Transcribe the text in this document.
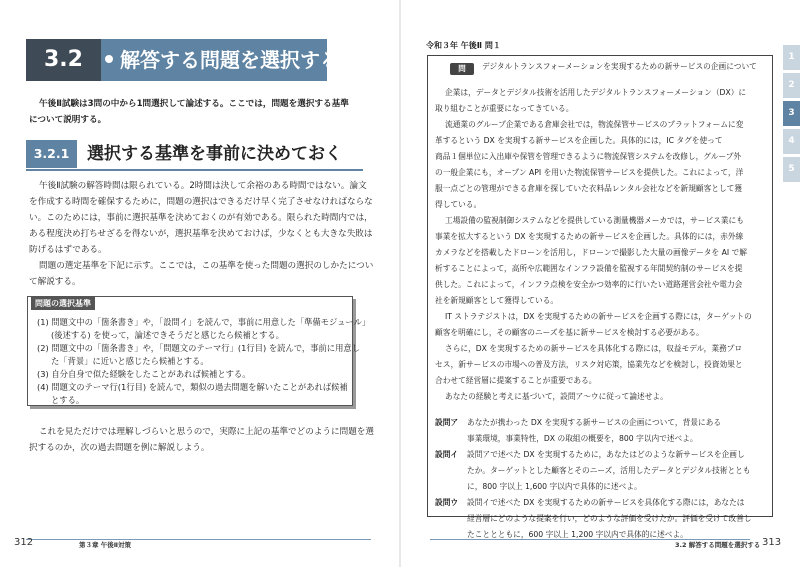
3.2	解答する問題を選択する
午後Ⅱ試験は3問の中から1問選択して論述する。ここでは，問題を選択する基準
について説明する。
3.2.1	選択する基準を事前に決めておく
午後Ⅱ試験の解答時間は限られている。2時間は決して余裕のある時間ではない。論文
を作成する時間を確保するために，問題の選択はできるだけ早く完了させなければならな
い。このためには，事前に選択基準を決めておくのが有効である。限られた時間内では，
ある程度決め打ちせざるを得ないが，選択基準を決めておけば，少なくとも大きな失敗は
防げるはずである。
問題の選定基準を下記に示す。ここでは，この基準を使った問題の選択のしかたについ
て解説する。
問題の選択基準
(1) 問題文中の「箇条書き」や，「設問イ」を読んで，事前に用意した「準備モジュール」
(後述する) を使って，論述できそうだと感じたら候補とする。
(2) 問題文中の「箇条書き」や，「問題文のテーマ行」(1行目) を読んで，事前に用意し
た「背景」に近いと感じたら候補とする。
(3) 自分自身で似た経験をしたことがあれば候補とする。
(4) 問題文のテーマ行(1行目) を読んで，類似の過去問題を解いたことがあれば候補
とする。
これを見ただけでは理解しづらいと思うので，実際に上記の基準でどのように問題を選
択するのか，次の過去問題を例に解説しよう。
312	第３章 午後Ⅱ対策
令和３年 午後Ⅱ 問１
問	デジタルトランスフォーメーションを実現するための新サービスの企画について
企業は，データとデジタル技術を活用したデジタルトランスフォーメーション（DX）に
取り組むことが重要になってきている。
流通業のグループ企業である倉庫会社では，物流保管サービスのプラットフォームに変
革するという DX を実現する新サービスを企画した。具体的には，IC タグを使って
商品１個単位に入出庫や保管を管理できるように物流保管システムを改修し，グループ外
の一般企業にも，オープン API を用いた物流保管サービスを提供した。これによって，洋
服一点ごとの管理ができる倉庫を探していた衣料品レンタル会社などを新規顧客として獲
得している。
工場設備の監視制御システムなどを提供している測量機器メーカでは，サービス業にも
事業を拡大するという DX を実現するための新サービスを企画した。具体的には，赤外線
カメラなどを搭載したドローンを活用し，ドローンで撮影した大量の画像データを AI で解
析することによって，高所や広範囲なインフラ設備を監視する年間契約制のサービスを提
供した。これによって，インフラ点検を安全かつ効率的に行いたい道路運営会社や電力会
社を新規顧客として獲得している。
IT ストラテジストは，DX を実現するための新サービスを企画する際には，ターゲットの
顧客を明確にし，その顧客のニーズを基に新サービスを検討する必要がある。
さらに，DX を実現するための新サービスを具体化する際には，収益モデル，業務プロ
セス，新サービスの市場への普及方法，リスク対応策，協業先などを検討し，投資効果と
合わせて経営層に提案することが重要である。
あなたの経験と考えに基づいて，設問ア～ウに従って論述せよ。
設問ア あなたが携わった DX を実現する新サービスの企画について，背景にある
事業環境，事業特性，DX の取組の概要を，800 字以内で述べよ。
設問イ 設問アで述べた DX を実現するために，あなたはどのような新サービスを企画し
たか。ターゲットとした顧客とそのニーズ，活用したデータとデジタル技術ととも
に，800 字以上 1,600 字以内で具体的に述べよ。
設問ウ 設問イで述べた DX を実現するための新サービスを具体化する際には，あなたは
経営層にどのような提案を行い，どのような評価を受けたか。評価を受けて改善し
たこととともに，600 字以上 1,200 字以内で具体的に述べよ。
3.2 解答する問題を選択する 313
1
2
3
4
5
